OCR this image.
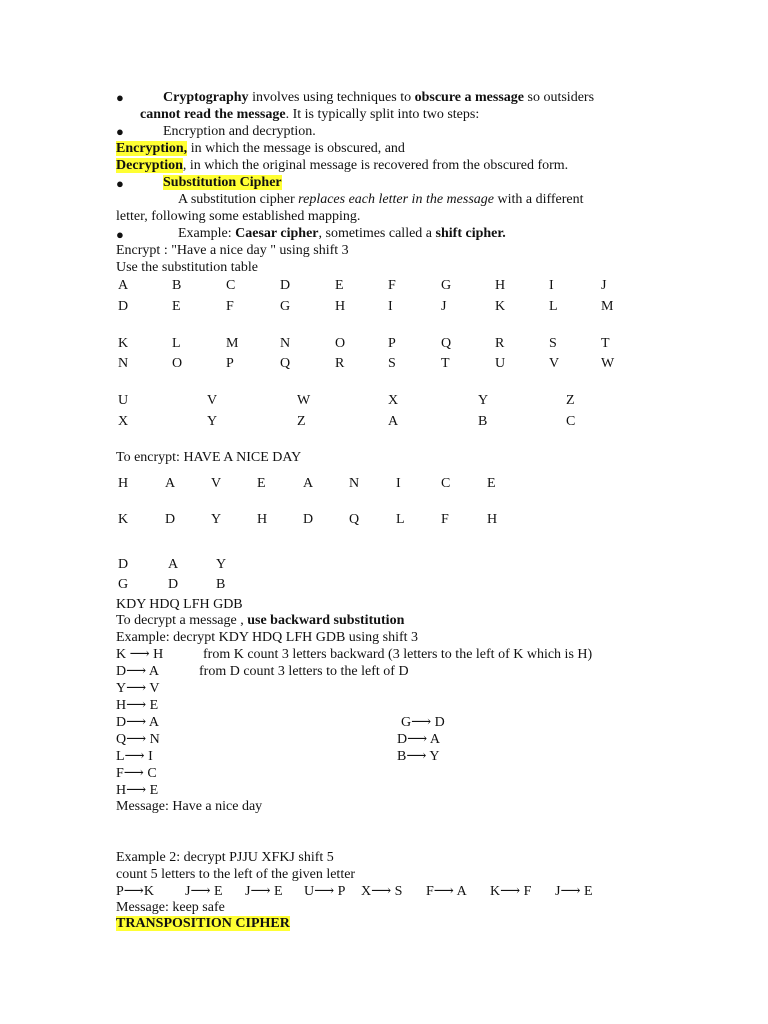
●	Cryptography involves using techniques to obscure a message so outsiders
cannot read the message. It is typically split into two steps:
●	Encryption and decryption.
Encryption, in which the message is obscured, and
Decryption, in which the original message is recovered from the obscured form.
●	Substitution Cipher
A substitution cipher replaces each letter in the message with a different
letter, following some established mapping.
●	Example: Caesar cipher, sometimes called a shift cipher.
Encrypt : "Have a nice day " using shift 3
Use the substitution table
A	B	C	D	E	F	G	H	I	J
D	E	F	G	H	I	J	K	L	M
K	L	M	N	O	P	Q	R	S	T
N	O	P	Q	R	S	T	U	V	W
U	V	W	X	Y	Z
X	Y	Z	A	B	C
To encrypt: HAVE A NICE DAY
H	A	V	E	A	N	I	C	E
K	D	Y	H	D	Q	L	F	H
D	A	Y
G	D	B
KDY HDQ LFH GDB
To decrypt a message , use backward substitution
Example: decrypt KDY HDQ LFH GDB using shift 3
K ⟶ H	from K count 3 letters backward (3 letters to the left of K which is H)
D⟶ A	from D count 3 letters to the left of D
Y⟶ V
H⟶ E
D⟶ A
Q⟶ N
L⟶ I
F⟶ C
H⟶ E
G⟶ D
D⟶ A
B⟶ Y
Message: Have a nice day
Example 2: decrypt PJJU XFKJ shift 5
count 5 letters to the left of the given letter
P⟶K J⟶ E J⟶ E U⟶ P X⟶ S F⟶ A K⟶ F J⟶ E
Message: keep safe
TRANSPOSITION CIPHER
